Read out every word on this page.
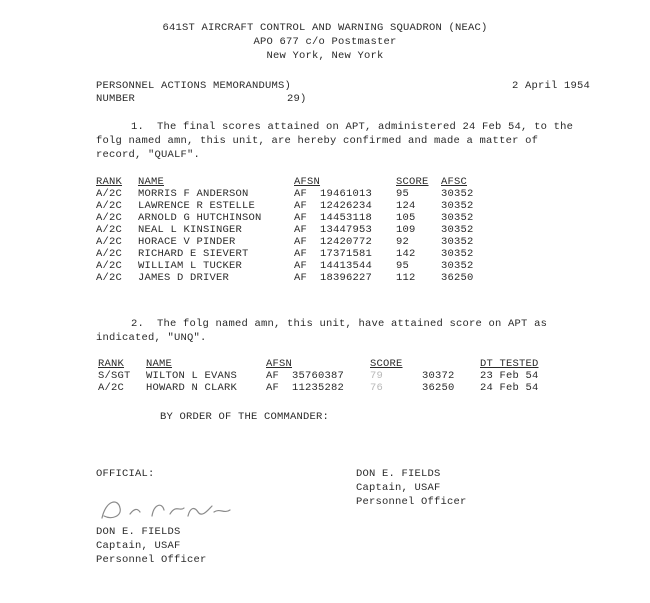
641ST AIRCRAFT CONTROL AND WARNING SQUADRON (NEAC)
APO 677 c/o Postmaster
New York, New York
PERSONNEL ACTIONS MEMORANDUMS)
NUMBER	29)
2 April 1954
1.  The final scores attained on APT, administered 24 Feb 54, to the
folg named amn, this unit, are hereby confirmed and made a matter of
record, "QUALF".
RANK	NAME	AFSN	SCORE	AFSC
A/2C	MORRIS F ANDERSON	AF  19461013	95	30352
A/2C	LAWRENCE R ESTELLE	AF  12426234	124	30352
A/2C	ARNOLD G HUTCHINSON	AF  14453118	105	30352
A/2C	NEAL L KINSINGER	AF  13447953	109	30352
A/2C	HORACE V PINDER	AF  12420772	92	30352
A/2C	RICHARD E SIEVERT	AF  17371581	142	30352
A/2C	WILLIAM L TUCKER	AF  14413544	95	30352
A/2C	JAMES D DRIVER	AF  18396227	112	36250
2.  The folg named amn, this unit, have attained score on APT as
indicated, "UNQ".
RANK	NAME	AFSN	SCORE		DT TESTED
S/SGT	WILTON L EVANS	AF  35760387	79	30372	23 Feb 54
A/2C	HOWARD N CLARK	AF  11235282	76	36250	24 Feb 54
BY ORDER OF THE COMMANDER:
DON E. FIELDS
Captain, USAF
Personnel Officer
OFFICIAL:
DON E. FIELDS
Captain, USAF
Personnel Officer
